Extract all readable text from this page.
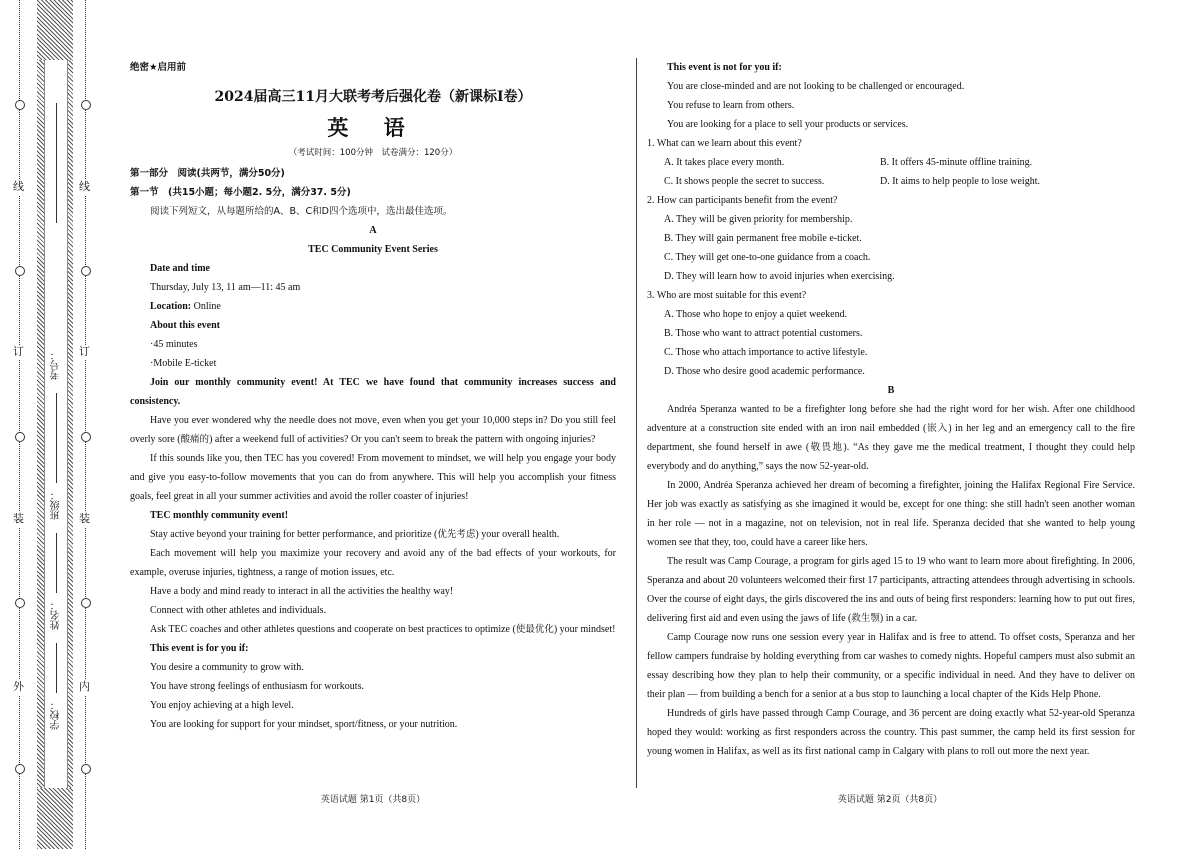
线
订
装
外
考号：
班级：
姓名：
学校：
线
订
装
内

绝密★启用前

2024届高三11月大联考考后强化卷（新课标I卷）

英 语

（考试时间：100分钟　试卷满分：120分）

第一部分　阅读(共两节，满分50分)

第一节　(共15小题；每小题2. 5分，满分37. 5分)

阅读下列短文，从每题所给的A、B、C和D四个选项中，选出最佳选项。

A

TEC Community Event Series

Date and time

Thursday, July 13, 11 am—11: 45 am

Location: Online

About this event

·45 minutes

·Mobile E-ticket

Join our monthly community event! At TEC we have found that community increases success and consistency.

Have you ever wondered why the needle does not move, even when you get your 10,000 steps in? Do you still feel overly sore (酸痛的) after a weekend full of activities? Or you can't seem to break the pattern with ongoing injuries?

If this sounds like you, then TEC has you covered! From movement to mindset, we will help you engage your body and give you easy-to-follow movements that you can do from anywhere. This will help you accomplish your fitness goals, feel great in all your summer activities and avoid the roller coaster of injuries!

TEC monthly community event!

Stay active beyond your training for better performance, and prioritize (优先考虑) your overall health.

Each movement will help you maximize your recovery and avoid any of the bad effects of your workouts, for example, overuse injuries, tightness, a range of motion issues, etc.

Have a body and mind ready to interact in all the activities the healthy way!

Connect with other athletes and individuals.

Ask TEC coaches and other athletes questions and cooperate on best practices to optimize (使最优化) your mindset!

This event is for you if:

You desire a community to grow with.

You have strong feelings of enthusiasm for workouts.

You enjoy achieving at a high level.

You are looking for support for your mindset, sport/fitness, or your nutrition.

This event is not for you if:

You are close-minded and are not looking to be challenged or encouraged.

You refuse to learn from others.

You are looking for a place to sell your products or services.

1. What can we learn about this event?

A. It takes place every month.	B. It offers 45-minute offline training.
C. It shows people the secret to success.	D. It aims to help people to lose weight.

2. How can participants benefit from the event?

A. They will be given priority for membership.

B. They will gain permanent free mobile e-ticket.

C. They will get one-to-one guidance from a coach.

D. They will learn how to avoid injuries when exercising.

3. Who are most suitable for this event?

A. Those who hope to enjoy a quiet weekend.

B. Those who want to attract potential customers.

C. Those who attach importance to active lifestyle.

D. Those who desire good academic performance.

B

Andréa Speranza wanted to be a firefighter long before she had the right word for her wish. After one childhood adventure at a construction site ended with an iron nail embedded (嵌入) in her leg and an emergency call to the fire department, she found herself in awe (敬畏地). “As they gave me the medical treatment, I thought they could help everybody and do anything,” says the now 52-year-old.

In 2000, Andréa Speranza achieved her dream of becoming a firefighter, joining the Halifax Regional Fire Service. Her job was exactly as satisfying as she imagined it would be, except for one thing: she still hadn't seen another woman in her role — not in a magazine, not on television, not in real life. Speranza decided that she wanted to help young women see that they, too, could have a career like hers.

The result was Camp Courage, a program for girls aged 15 to 19 who want to learn more about firefighting. In 2006, Speranza and about 20 volunteers welcomed their first 17 participants, attracting attendees through advertising in schools. Over the course of eight days, the girls discovered the ins and outs of being first responders: learning how to put out fires, delivering first aid and even using the jaws of life (救生颚) in a car.

Camp Courage now runs one session every year in Halifax and is free to attend. To offset costs, Speranza and her fellow campers fundraise by holding everything from car washes to comedy nights. Hopeful campers must also submit an essay describing how they plan to help their community, or a specific individual in need. And they have to deliver on their plan — from building a bench for a senior at a bus stop to launching a local chapter of the Kids Help Phone.

Hundreds of girls have passed through Camp Courage, and 36 percent are doing exactly what 52-year-old Speranza hoped they would: working as first responders across the country. This past summer, the camp held its first session for young women in Halifax, as well as its first national camp in Calgary with plans to roll out more the next year.

英语试题 第1页（共8页）	英语试题 第2页（共8页）
